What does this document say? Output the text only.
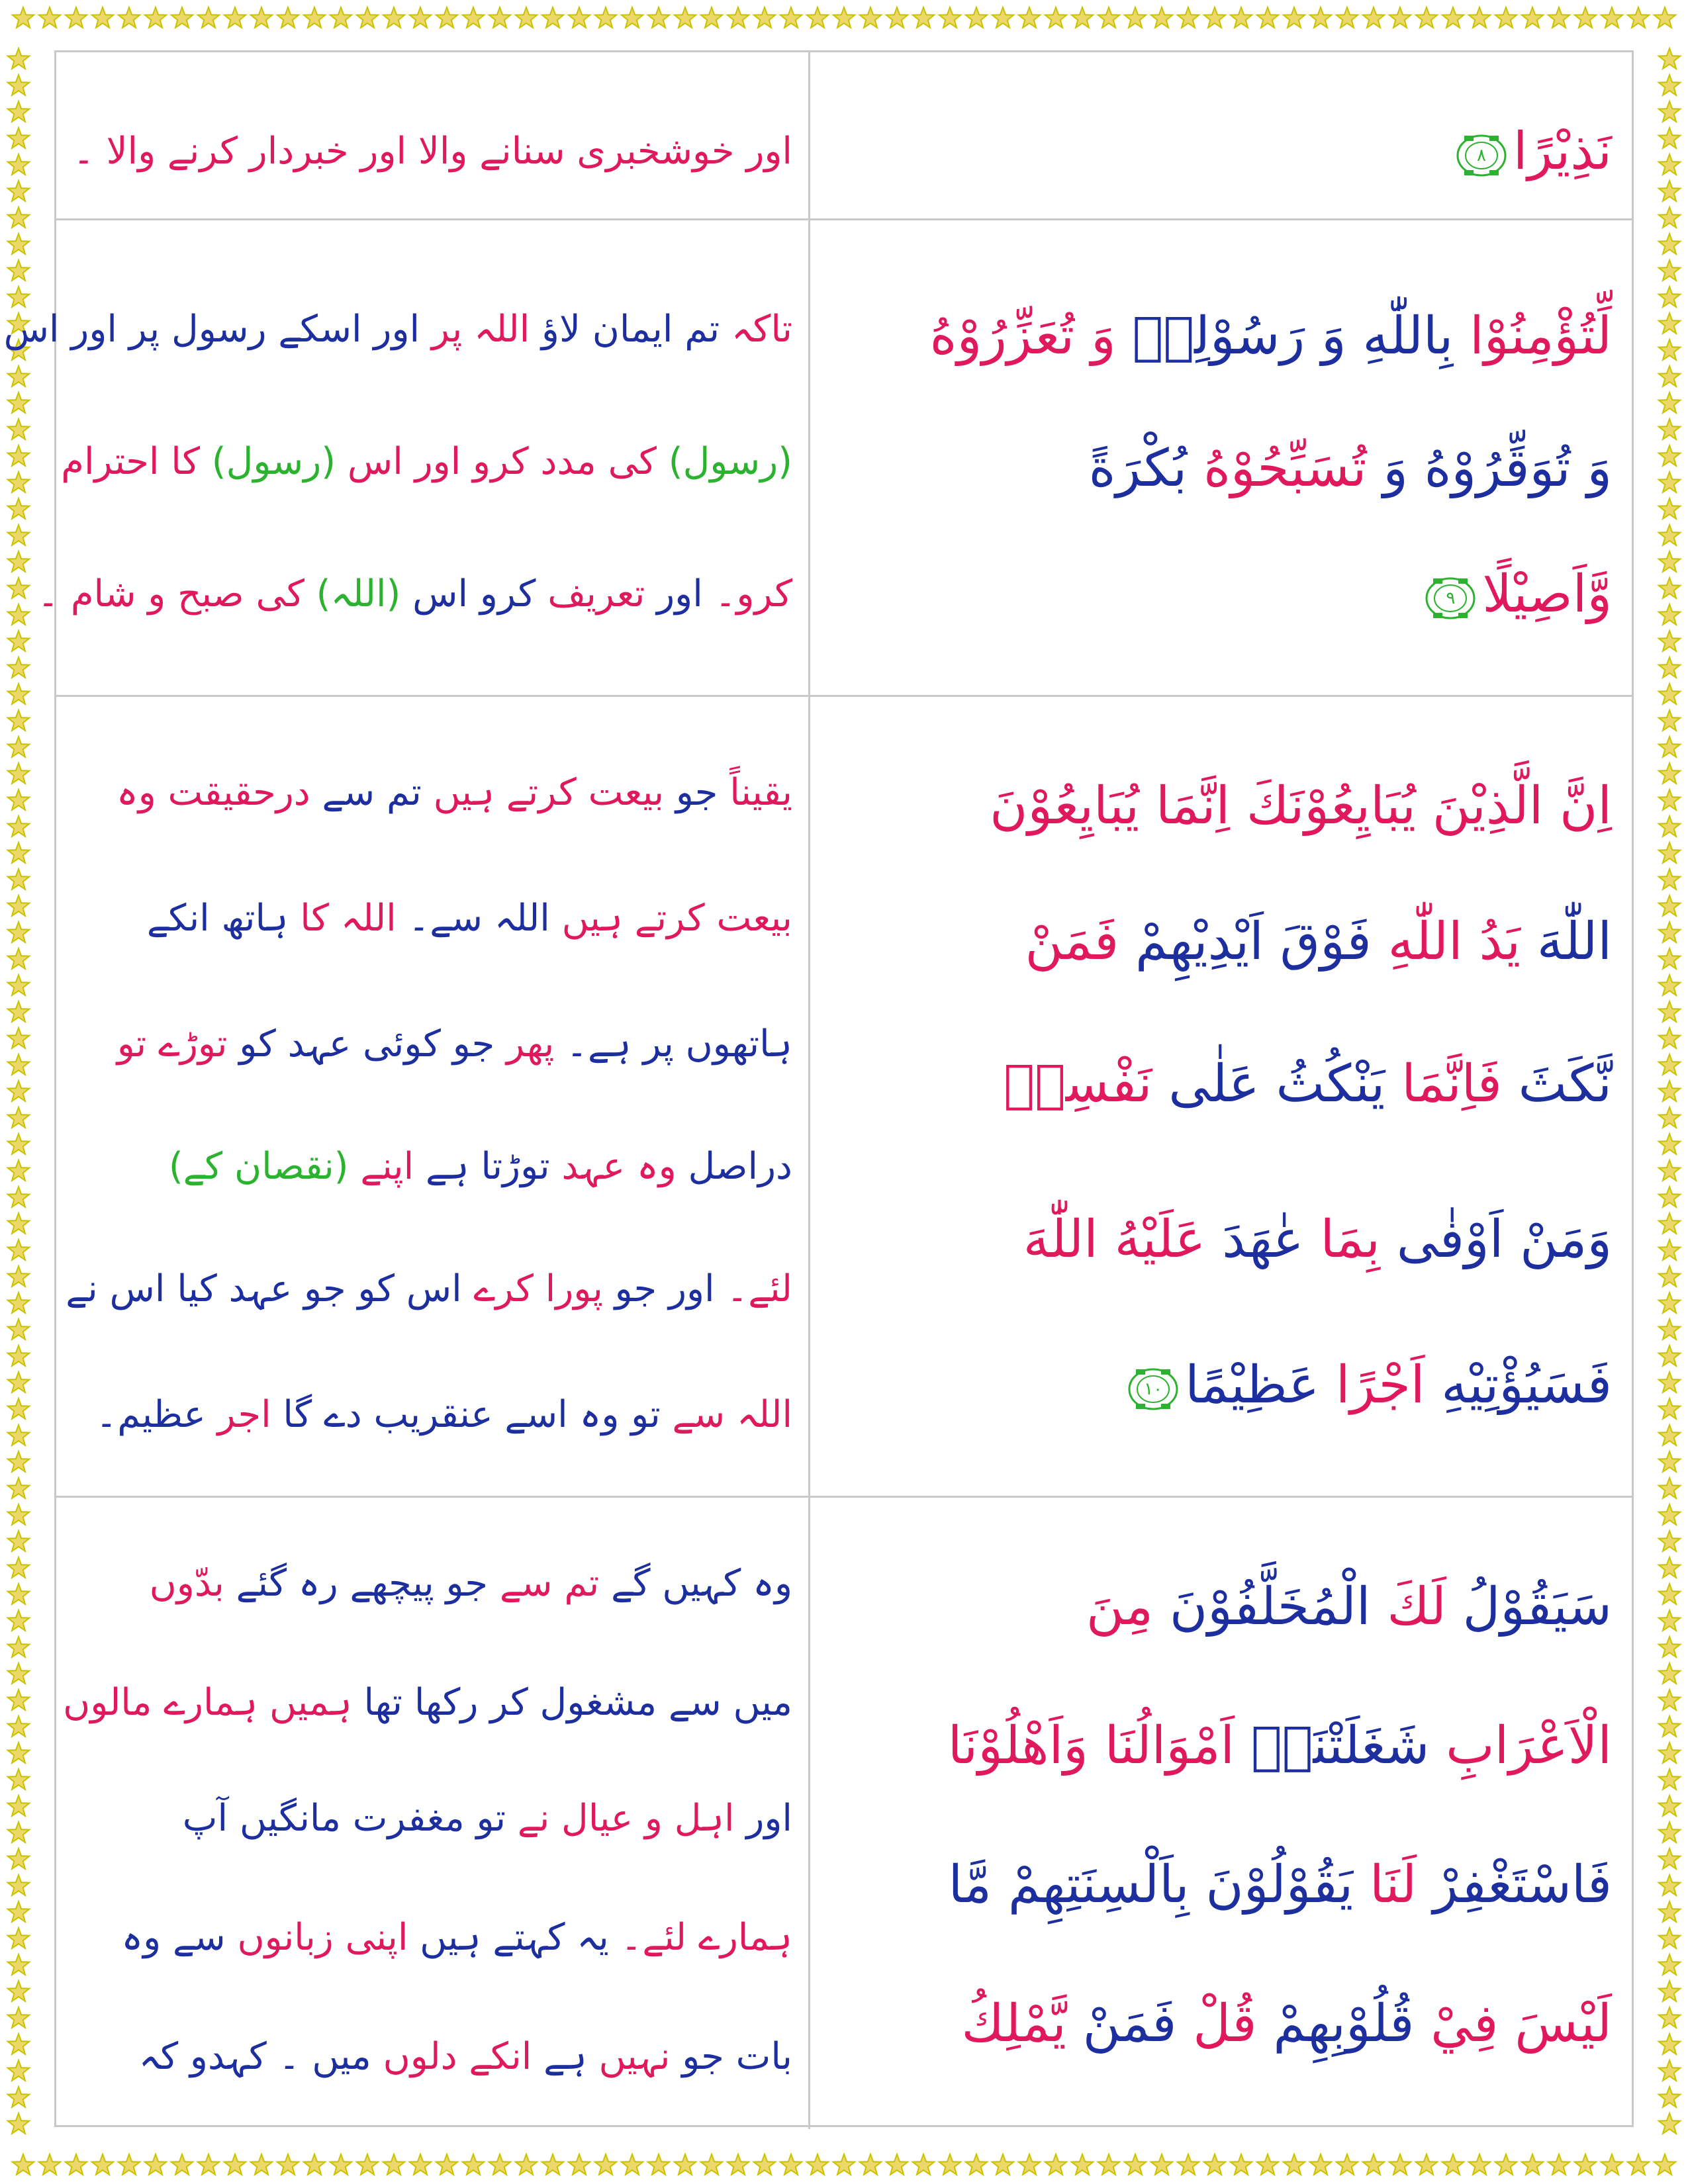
نَذِيْرًا
٨
اور خوشخبری سنانے والا اور خبردار کرنے والا ۔
لِّتُؤْمِنُوْا بِاللّٰهِ وَ رَسُوْلِهٖ وَ تُعَزِّرُوْهُ
وَ تُوَقِّرُوْهُ وَ تُسَبِّحُوْهُ بُكْرَةً
وَّاَصِيْلًا
٩
تاکہ تم ایمان لاؤ اللہ پر اور اسکے رسول پر اور اس
(رسول) کی مدد کرو اور اس (رسول) کا احترام
کرو۔ اور تعریف کرو اس (اللہ) کی صبح و شام ۔
اِنَّ الَّذِيْنَ يُبَايِعُوْنَكَ اِنَّمَا يُبَايِعُوْنَ
اللّٰهَ يَدُ اللّٰهِ فَوْقَ اَيْدِيْهِمْ فَمَنْ
نَّكَثَ فَاِنَّمَا يَنْكُثُ عَلٰى نَفْسِهٖ
وَمَنْ اَوْفٰى بِمَا عٰهَدَ عَلَيْهُ اللّٰهَ
فَسَيُؤْتِيْهِ اَجْرًا عَظِيْمًا
١٠
یقیناً جو بیعت کرتے ہیں تم سے درحقیقت وہ
بیعت کرتے ہیں اللہ سے۔ اللہ کا ہاتھ انکے
ہاتھوں پر ہے۔ پھر جو کوئی عہد کو توڑے تو
دراصل وہ عہد توڑتا ہے اپنے (نقصان کے)
لئے۔ اور جو پورا کرے اس کو جو عہد کیا اس نے
اللہ سے تو وہ اسے عنقریب دے گا اجر عظیم۔
سَيَقُوْلُ لَكَ الْمُخَلَّفُوْنَ مِنَ
الْاَعْرَابِ شَغَلَتْنَاۤ اَمْوَالُنَا وَاَهْلُوْنَا
فَاسْتَغْفِرْ لَنَا يَقُوْلُوْنَ بِاَلْسِنَتِهِمْ مَّا
لَيْسَ فِيْ قُلُوْبِهِمْ قُلْ فَمَنْ يَّمْلِكُ
وہ کہیں گے تم سے جو پیچھے رہ گئے بدّوں
میں سے مشغول کر رکھا تھا ہمیں ہمارے مالوں
اور اہل و عیال نے تو مغفرت مانگیں آپ
ہمارے لئے۔ یہ کہتے ہیں اپنی زبانوں سے وہ
بات جو نہیں ہے انکے دلوں میں ۔ کہدو کہ
